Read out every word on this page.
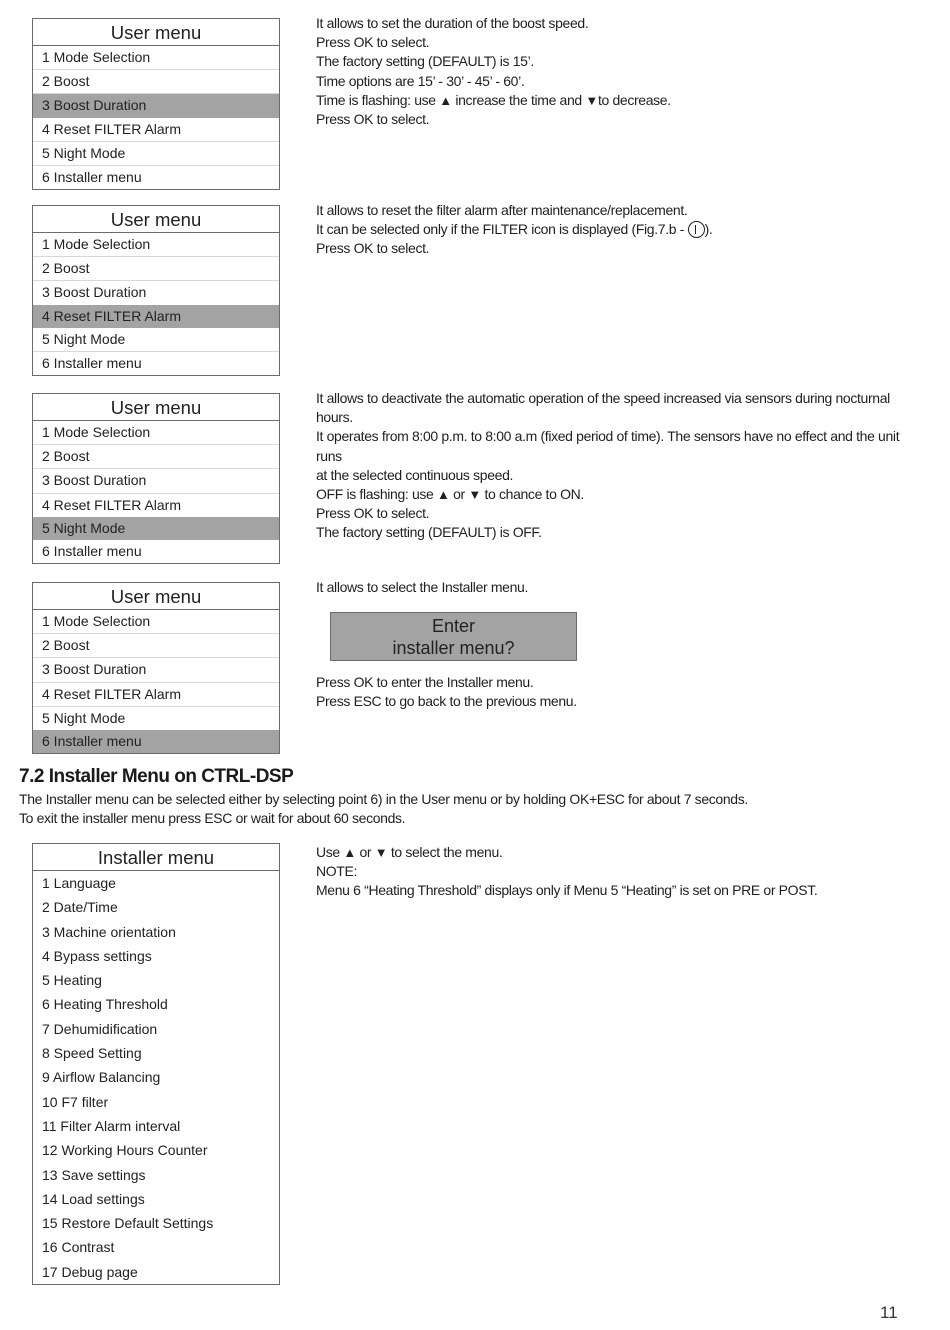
User menu
1 Mode Selection
2 Boost
3 Boost Duration
4 Reset FILTER Alarm
5 Night Mode
6 Installer menu

It allows to set the duration of the boost speed.

Press OK to select.

The factory setting (DEFAULT) is 15’.

Time options are 15’ - 30’ - 45’ - 60’.

Time is flashing: use ▲ increase the time and ▼to decrease.

Press OK to select.

User menu
1 Mode Selection
2 Boost
3 Boost Duration
4 Reset FILTER Alarm
5 Night Mode
6 Installer menu

It allows to reset the filter alarm after maintenance/replacement.

It can be selected only if the FILTER icon is displayed (Fig.7.b - ).

Press OK to select.

User menu
1 Mode Selection
2 Boost
3 Boost Duration
4 Reset FILTER Alarm
5 Night Mode
6 Installer menu

It allows to deactivate the automatic operation of the speed increased via sensors during nocturnal hours.

It operates from 8:00 p.m. to 8:00 a.m (fixed period of time). The sensors have no effect and the unit runs

at the selected continuous speed.

OFF is flashing: use ▲ or ▼ to chance to ON.

Press OK to select.

The factory setting (DEFAULT) is OFF.

User menu
1 Mode Selection
2 Boost
3 Boost Duration
4 Reset FILTER Alarm
5 Night Mode
6 Installer menu

It allows to select the Installer menu.

Enter
installer menu?

Press OK to enter the Installer menu.

Press ESC to go back to the previous menu.

7.2 Installer Menu on CTRL-DSP

The Installer menu can be selected either by selecting point 6) in the User menu or by holding OK+ESC for about 7 seconds.

To exit the installer menu press ESC or wait for about 60 seconds.

Installer menu
1 Language
2 Date/Time
3 Machine orientation
4 Bypass settings
5 Heating
6 Heating Threshold
7 Dehumidification
8 Speed Setting
9 Airflow Balancing
10 F7 filter
11 Filter Alarm interval
12 Working Hours Counter
13 Save settings
14 Load settings
15 Restore Default Settings
16 Contrast
17 Debug page

Use ▲ or ▼ to select the menu.

NOTE:

Menu 6 “Heating Threshold” displays only if Menu 5 “Heating” is set on PRE or POST.

11
